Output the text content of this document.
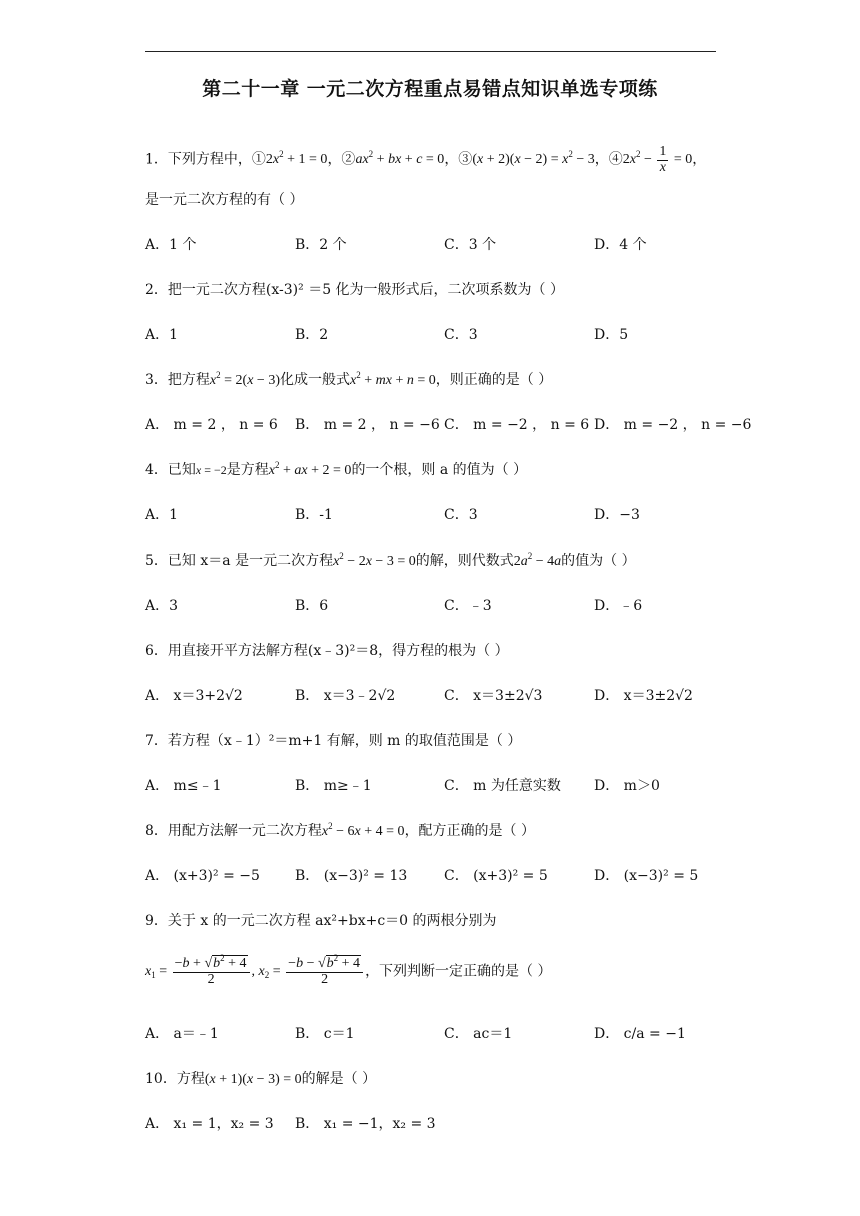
第二十一章 一元二次方程重点易错点知识单选专项练
1．下列方程中，$①2x^2 + 1 = 0$，$②ax^2$ + bx + c = 0，③(x + $2)(x - 2) = x^2 - 3$，$④2x^2 - \frac{1}{x} = 0$，
是一元二次方程的有（ ）
A．1 个	B．2 个	C．3 个	D．4 个
2．把一元二次方程(x-3)² ＝5 化为一般形式后，二次项系数为（ ）
A．1	B．2	C．3	D．5
3．把方程$x^2 = 2(x - 3)$化成一般式$x^2$ + mx + n = 0，则正确的是（ ）
A． m = 2 ， n = 6 B． m = 2 ， n = −6 C． m = −2 ， n = 6 D． m = −2 ， n = −6
4．已知x = −2是方程$x^2$ + ax + 2 = 0的一个根，则 a 的值为（ ）
A．1	B．-1	C．3	D．−3
5．已知 x＝a 是一元二次方程$x^2 - 2x - 3 = 0$的解，则代数式$2a^2 - 4a$的值为（ ）
A．3	B．6	C．﹣3	D．﹣6
6．用直接开平方法解方程(x﹣3)²＝8，得方程的根为（ ）
A． x＝3+2√2	B． x＝3﹣2√2	C． x＝3±2√3	D． x＝3±2√2
7．若方程（x﹣1）²＝m+1 有解，则 m 的取值范围是（ ）
A． m≤﹣1	B． m≥﹣1	C． m 为任意实数 D． m＞0
8．用配方法解一元二次方程$x^2 - 6x + 4 = 0$，配方正确的是（ ）
A． (x+3)² = −5	B． (x−3)² = 13	C． (x+3)² = 5	D． (x−3)² = 5
9．关于 x 的一元二次方程 ax²+bx+c＝0 的两根分别为
$x_1 = \frac{-b + √b^2 + 4}{2}$ , $x_2 = \frac{-b - √b^2 + 4}{2}$ ，下列判断一定正确的是（ ）
A． a＝﹣1	B． c＝1	C． ac＝1	D． c/a = −1
10．方程(x + 1)(x − 3) = 0的解是（ ）
A． x₁ = 1，x₂ = 3 B． x₁ = −1，x₂ = 3
